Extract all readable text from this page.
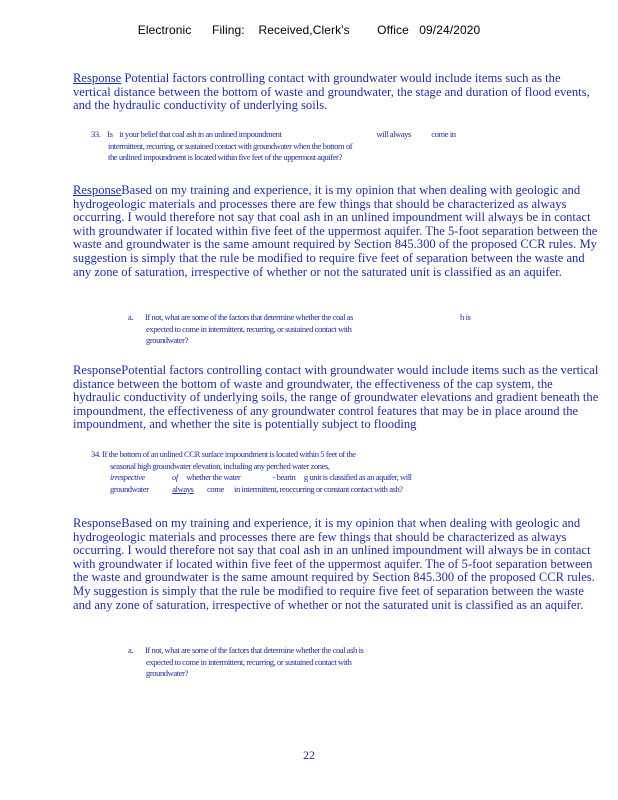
Electronic      Filing:    Received,Clerk's        Office   09/24/2020

Response Potential factors controlling contact with groundwater would include items such as the vertical distance between the bottom of waste and groundwater, the stage and duration of flood events, and the hydraulic conductivity of underlying soils.

33.    Is    it your belief that coal ash in an unlined impoundment                                                        will always            come in
intermittent, recurring, or sustained contact with groundwater when the bottom of
the unlined impoundment is located within five feet of the uppermost aquifer?

ResponseBased on my training and experience, it is my opinion that when dealing with geologic and hydrogeologic materials and processes there are few things that should be characterized as always occurring. I would therefore not say that coal ash in an unlined impoundment will always be in contact with groundwater if located within five feet of the uppermost aquifer. The 5-foot separation between the waste and groundwater is the same amount required by Section 845.300 of the proposed CCR rules. My suggestion is simply that the rule be modified to require five feet of separation between the waste and any zone of saturation, irrespective of whether or not the saturated unit is classified as an aquifer.

a.       If not, what are some of the factors that determine whether the coal as                                                               h is
expected to come in intermittent, recurring, or sustained contact with
groundwater?

ResponsePotential factors controlling contact with groundwater would include items such as the vertical distance between the bottom of waste and groundwater, the effectiveness of the cap system, the hydraulic conductivity of underlying soils, the range of groundwater elevations and gradient beneath the impoundment, the effectiveness of any groundwater control features that may be in place around the impoundment, and whether the site is potentially subject to flooding

34. If the bottom of an unlined CCR surface impoundment is located within 5 feet of the
seasonal high groundwater elevation, including any perched water zones,
irrespective	of whether the water                   - bearin     g unit is classified as an aquifer, will
groundwater	always come      in intermittent, reoccurring or constant contact with ash?

ResponseBased on my training and experience, it is my opinion that when dealing with geologic and hydrogeologic materials and processes there are few things that should be characterized as always occurring. I would therefore not say that coal ash in an unlined impoundment will always be in contact with groundwater if located within five feet of the uppermost aquifer. The of 5-foot separation between the waste and groundwater is the same amount required by Section 845.300 of the proposed CCR rules. My suggestion is simply that the rule be modified to require five feet of separation between the waste and any zone of saturation, irrespective of whether or not the saturated unit is classified as an aquifer.

a.       If not, what are some of the factors that determine whether the coal ash is
expected to come in intermittent, recurring, or sustained contact with
groundwater?
22
